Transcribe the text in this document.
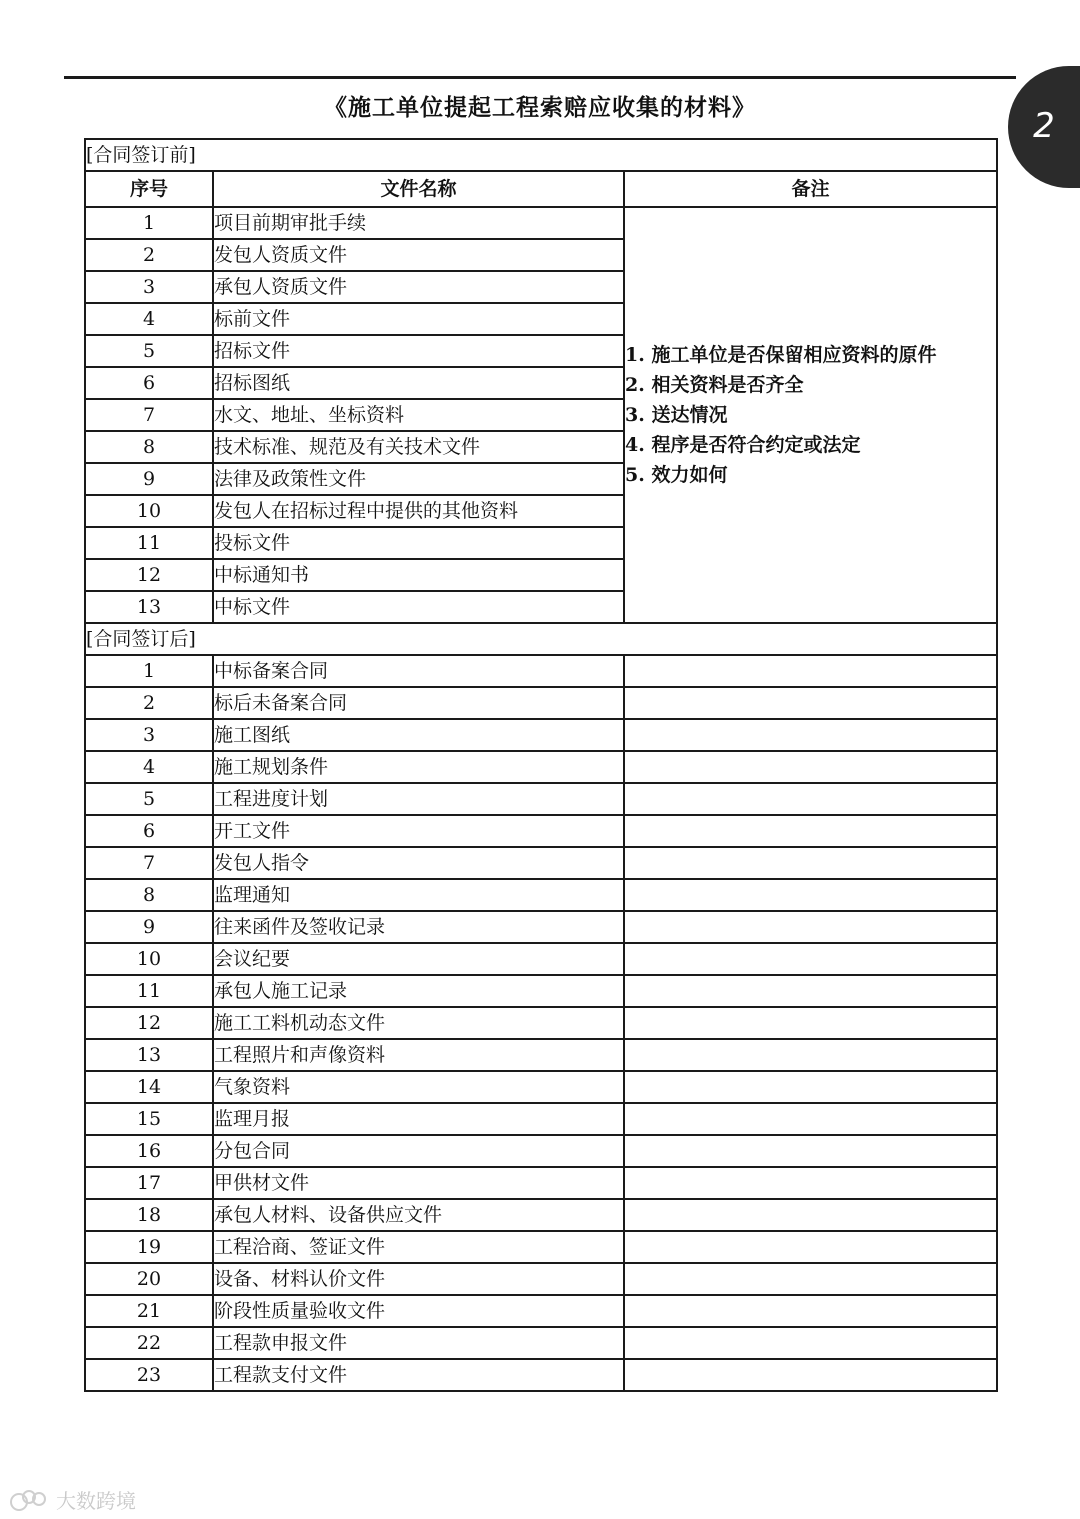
2
《施工单位提起工程索赔应收集的材料》
[合同签订前]		
序号	文件名称	备注
1	项目前期审批手续	1. 施工单位是否保留相应资料的原件
2. 相关资料是否齐全
3. 送达情况
4. 程序是否符合约定或法定
5. 效力如何

2	发包人资质文件	
3	承包人资质文件	
4	标前文件	
5	招标文件	
6	招标图纸	
7	水文、地址、坐标资料	
8	技术标准、规范及有关技术文件	
9	法律及政策性文件	
10	发包人在招标过程中提供的其他资料	
11	投标文件	
12	中标通知书	
13	中标文件	
[合同签订后]		
1	中标备案合同	
2	标后未备案合同	
3	施工图纸	
4	施工规划条件	
5	工程进度计划	
6	开工文件	
7	发包人指令	
8	监理通知	
9	往来函件及签收记录	
10	会议纪要	
11	承包人施工记录	
12	施工工料机动态文件	
13	工程照片和声像资料	
14	气象资料	
15	监理月报	
16	分包合同	
17	甲供材文件	
18	承包人材料、设备供应文件	
19	工程洽商、签证文件	
20	设备、材料认价文件	
21	阶段性质量验收文件	
22	工程款申报文件	
23	工程款支付文件	
大数跨境
